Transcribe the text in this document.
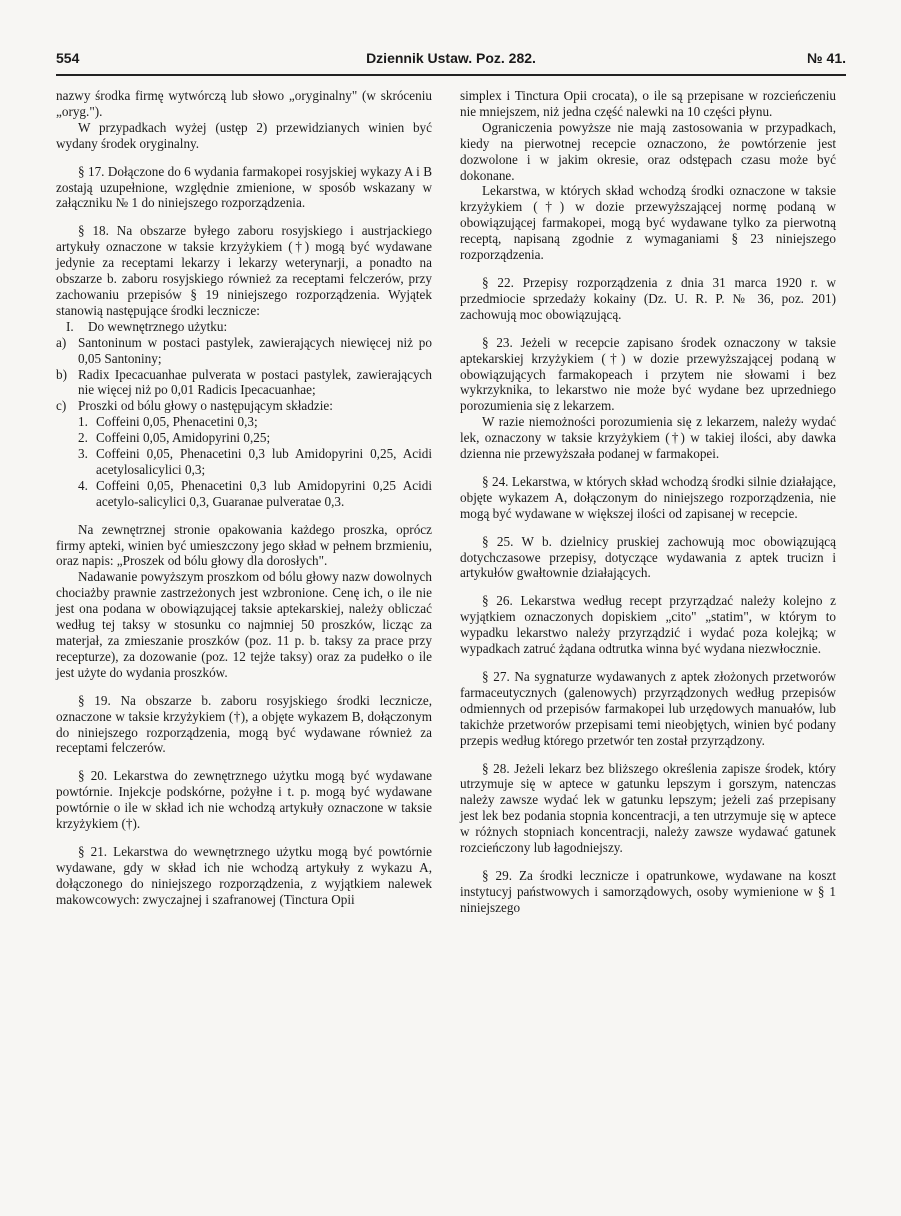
554	Dziennik Ustaw. Poz. 282.	№ 41.

nazwy środka firmę wytwórczą lub słowo „oryginalny" (w skróceniu „oryg.").

W przypadkach wyżej (ustęp 2) przewidzianych winien być wydany środek oryginalny.

§ 17. Dołączone do 6 wydania farmakopei rosyjskiej wykazy A i B zostają uzupełnione, względnie zmienione, w sposób wskazany w załączniku № 1 do niniejszego rozporządzenia.

§ 18. Na obszarze byłego zaboru rosyjskiego i austrjackiego artykuły oznaczone w taksie krzyżykiem (†) mogą być wydawane jedynie za receptami lekarzy i lekarzy weterynarji, a ponadto na obszarze b. zaboru rosyjskiego również za receptami felczerów, przy zachowaniu przepisów § 19 niniejszego rozporządzenia. Wyjątek stanowią następujące środki lecznicze:

I.	Do wewnętrznego użytku:
a) Santoninum w postaci pastylek, zawierających niewięcej niż po 0,05 Santoniny;
b) Radix Ipecacuanhae pulverata w postaci pastylek, zawierających nie więcej niż po 0,01 Radicis Ipecacuanhae;
c) Proszki od bólu głowy o następującym składzie:
1. Coffeini 0,05, Phenacetini 0,3;
2. Coffeini 0,05, Amidopyrini 0,25;
3. Coffeini 0,05, Phenacetini 0,3 lub Amidopyrini 0,25, Acidi acetylosalicylici 0,3;
4. Coffeini 0,05, Phenacetini 0,3 lub Amidopyrini 0,25 Acidi acetylo-salicylici 0,3, Guaranae pulveratae 0,3.

Na zewnętrznej stronie opakowania każdego proszka, oprócz firmy apteki, winien być umieszczony jego skład w pełnem brzmieniu, oraz napis: „Proszek od bólu głowy dla dorosłych".

Nadawanie powyższym proszkom od bólu głowy nazw dowolnych chociażby prawnie zastrzeżonych jest wzbronione. Cenę ich, o ile nie jest ona podana w obowiązującej taksie aptekarskiej, należy obliczać według tej taksy w stosunku co najmniej 50 proszków, licząc za materjał, za zmieszanie proszków (poz. 11 p. b. taksy za prace przy recepturze), za dozowanie (poz. 12 tejże taksy) oraz za pudełko o ile jest użyte do wydania proszków.

§ 19. Na obszarze b. zaboru rosyjskiego środki lecznicze, oznaczone w taksie krzyżykiem (†), a objęte wykazem B, dołączonym do niniejszego rozporządzenia, mogą być wydawane również za receptami felczerów.

§ 20. Lekarstwa do zewnętrznego użytku mogą być wydawane powtórnie. Injekcje podskórne, pożyłne i t. p. mogą być wydawane powtórnie o ile w skład ich nie wchodzą artykuły oznaczone w taksie krzyżykiem (†).

§ 21. Lekarstwa do wewnętrznego użytku mogą być powtórnie wydawane, gdy w skład ich nie wchodzą artykuły z wykazu A, dołączonego do niniejszego rozporządzenia, z wyjątkiem nalewek makowcowych: zwyczajnej i szafranowej (Tinctura Opii

simplex i Tinctura Opii crocata), o ile są przepisane w rozcieńczeniu nie mniejszem, niż jedna część nalewki na 10 części płynu.

Ograniczenia powyższe nie mają zastosowania w przypadkach, kiedy na pierwotnej recepcie oznaczono, że powtórzenie jest dozwolone i w jakim okresie, oraz odstępach czasu może być dokonane.

Lekarstwa, w których skład wchodzą środki oznaczone w taksie krzyżykiem (†) w dozie przewyższającej normę podaną w obowiązującej farmakopei, mogą być wydawane tylko za pierwotną receptą, napisaną zgodnie z wymaganiami § 23 niniejszego rozporządzenia.

§ 22. Przepisy rozporządzenia z dnia 31 marca 1920 r. w przedmiocie sprzedaży kokainy (Dz. U. R. P. № 36, poz. 201) zachowują moc obowiązującą.

§ 23. Jeżeli w recepcie zapisano środek oznaczony w taksie aptekarskiej krzyżykiem (†) w dozie przewyższającej podaną w obowiązujących farmakopeach i przytem nie słowami i bez wykrzyknika, to lekarstwo nie może być wydane bez uprzedniego porozumienia się z lekarzem.

W razie niemożności porozumienia się z lekarzem, należy wydać lek, oznaczony w taksie krzyżykiem (†) w takiej ilości, aby dawka dzienna nie przewyższała podanej w farmakopei.

§ 24. Lekarstwa, w których skład wchodzą środki silnie działające, objęte wykazem A, dołączonym do niniejszego rozporządzenia, nie mogą być wydawane w większej ilości od zapisanej w recepcie.

§ 25. W b. dzielnicy pruskiej zachowują moc obowiązującą dotychczasowe przepisy, dotyczące wydawania z aptek trucizn i artykułów gwałtownie działających.

§ 26. Lekarstwa według recept przyrządzać należy kolejno z wyjątkiem oznaczonych dopiskiem „cito" „statim", w którym to wypadku lekarstwo należy przyrządzić i wydać poza kolejką; w wypadkach zatruć żądana odtrutka winna być wydana niezwłocznie.

§ 27. Na sygnaturze wydawanych z aptek złożonych przetworów farmaceutycznych (galenowych) przyrządzonych według przepisów odmiennych od przepisów farmakopei lub urzędowych manuałów, lub takichże przetworów przepisami temi nieobjętych, winien być podany przepis według którego przetwór ten został przyrządzony.

§ 28. Jeżeli lekarz bez bliższego określenia zapisze środek, który utrzymuje się w aptece w gatunku lepszym i gorszym, natenczas należy zawsze wydać lek w gatunku lepszym; jeżeli zaś przepisany jest lek bez podania stopnia koncentracji, a ten utrzymuje się w aptece w różnych stopniach koncentracji, należy zawsze wydawać gatunek rozcieńczony lub łagodniejszy.

§ 29. Za środki lecznicze i opatrunkowe, wydawane na koszt instytucyj państwowych i samorządowych, osoby wymienione w § 1 niniejszego
